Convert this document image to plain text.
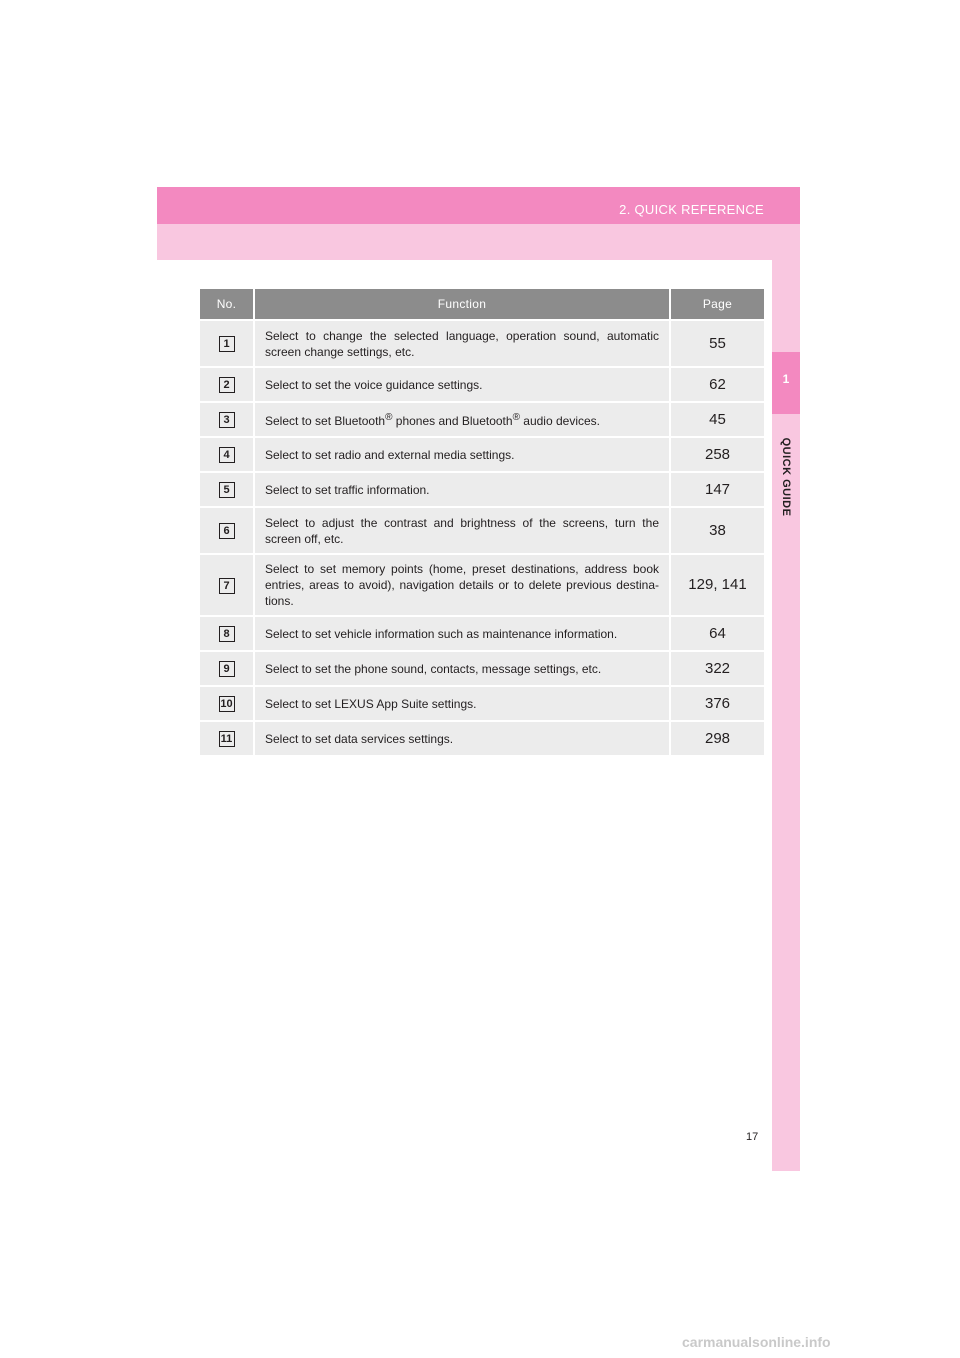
2. QUICK REFERENCE
1
QUICK GUIDE
No.	Function	Page
1	Select to change the selected language, operation sound, automatic screen change settings, etc.	55
2	Select to set the voice guidance settings.	62
3	Select to set Bluetooth® phones and Bluetooth® audio devices.	45
4	Select to set radio and external media settings.	258
5	Select to set traffic information.	147
6	Select to adjust the contrast and brightness of the screens, turn the screen off, etc.	38
7	Select to set memory points (home, preset destinations, address book entries, areas to avoid), navigation details or to delete previous destina-tions.	129, 141
8	Select to set vehicle information such as maintenance information.	64
9	Select to set the phone sound, contacts, message settings, etc.	322
10	Select to set LEXUS App Suite settings.	376
11	Select to set data services settings.	298
17
carmanualsonline.info
